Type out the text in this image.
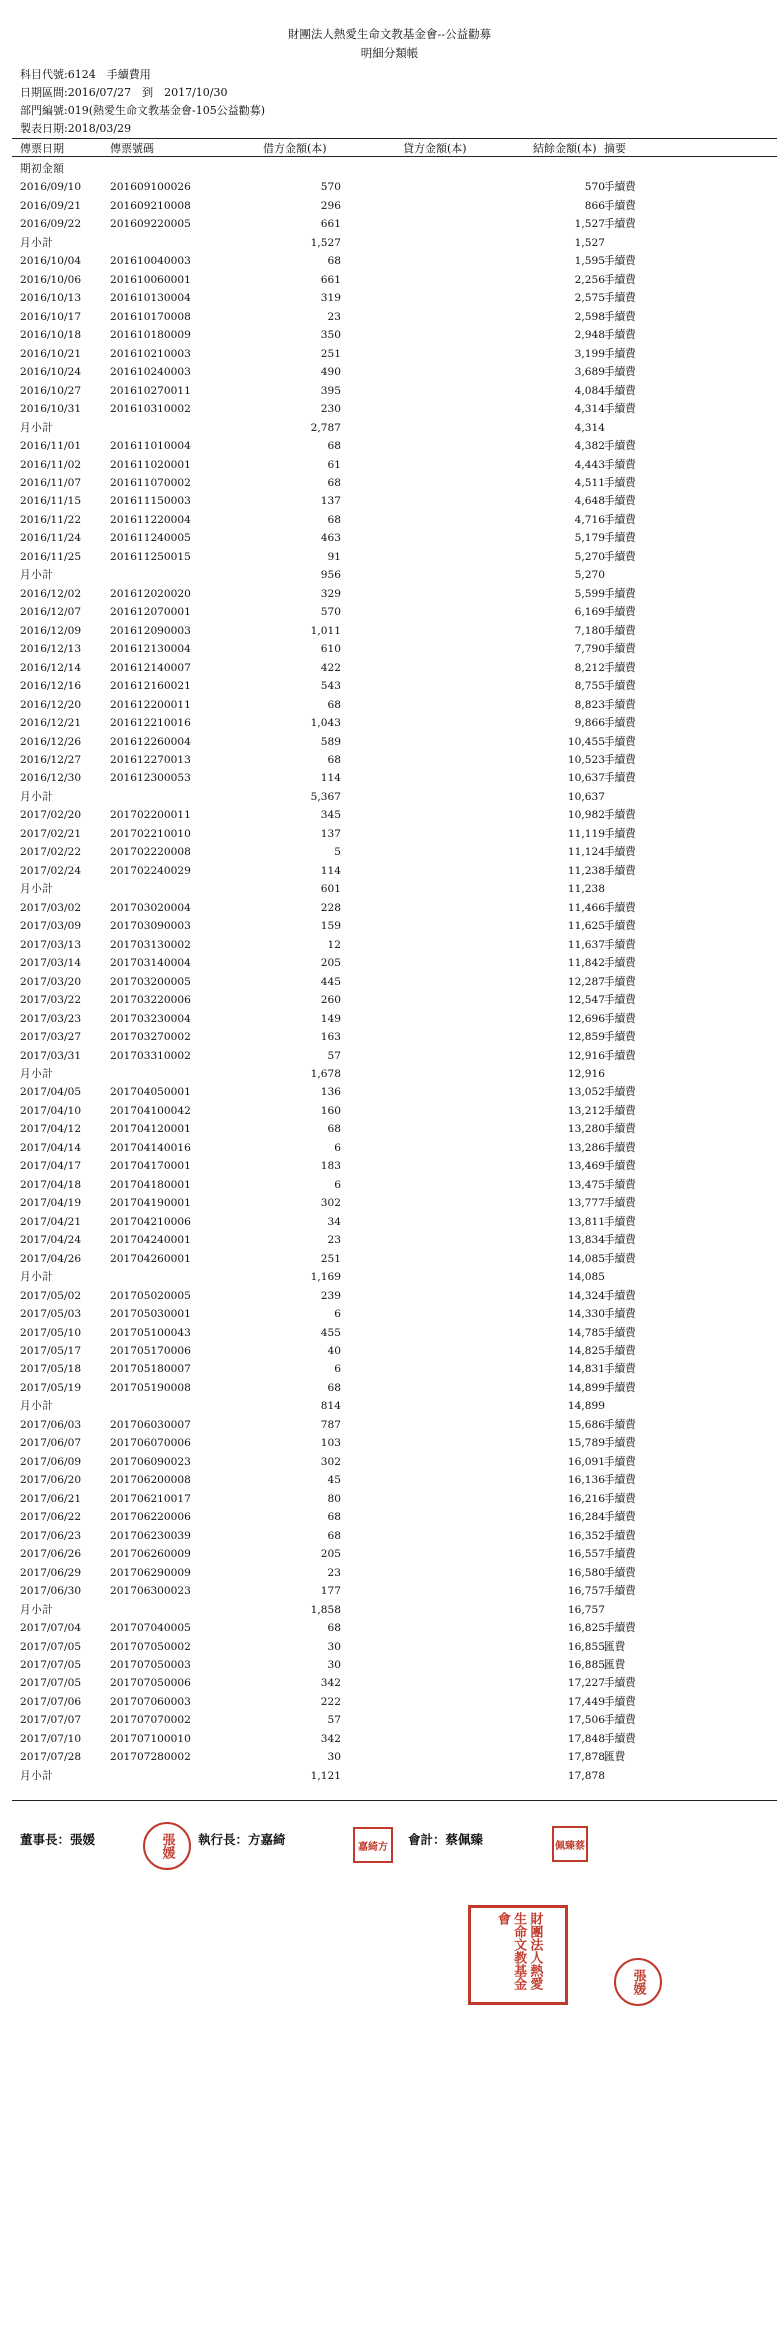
財團法人熱愛生命文教基金會--公益勸募
明細分類帳
科目代號:6124　手續費用
日期區間:2016/07/27　到　2017/10/30
部門編號:019(熱愛生命文教基金會-105公益勸募)
製表日期:2018/03/29
傳票日期	傳票號碼	借方金額(本)	貸方金額(本)	結餘金額(本) 摘要
期初金額
2016/09/10	201609100026	570	570 手續費
2016/09/21	201609210008	296	866 手續費
2016/09/22	201609220005	661	1,527 手續費
月小計	1,527	1,527
2016/10/04	201610040003	68	1,595 手續費
2016/10/06	201610060001	661	2,256 手續費
2016/10/13	201610130004	319	2,575 手續費
2016/10/17	201610170008	23	2,598 手續費
2016/10/18	201610180009	350	2,948 手續費
2016/10/21	201610210003	251	3,199 手續費
2016/10/24	201610240003	490	3,689 手續費
2016/10/27	201610270011	395	4,084 手續費
2016/10/31	201610310002	230	4,314 手續費
月小計	2,787	4,314
2016/11/01	201611010004	68	4,382 手續費
2016/11/02	201611020001	61	4,443 手續費
2016/11/07	201611070002	68	4,511 手續費
2016/11/15	201611150003	137	4,648 手續費
2016/11/22	201611220004	68	4,716 手續費
2016/11/24	201611240005	463	5,179 手續費
2016/11/25	201611250015	91	5,270 手續費
月小計	956	5,270
2016/12/02	201612020020	329	5,599 手續費
2016/12/07	201612070001	570	6,169 手續費
2016/12/09	201612090003	1,011	7,180 手續費
2016/12/13	201612130004	610	7,790 手續費
2016/12/14	201612140007	422	8,212 手續費
2016/12/16	201612160021	543	8,755 手續費
2016/12/20	201612200011	68	8,823 手續費
2016/12/21	201612210016	1,043	9,866 手續費
2016/12/26	201612260004	589	10,455 手續費
2016/12/27	201612270013	68	10,523 手續費
2016/12/30	201612300053	114	10,637 手續費
月小計	5,367	10,637
2017/02/20	201702200011	345	10,982 手續費
2017/02/21	201702210010	137	11,119 手續費
2017/02/22	201702220008	5	11,124 手續費
2017/02/24	201702240029	114	11,238 手續費
月小計	601	11,238
2017/03/02	201703020004	228	11,466 手續費
2017/03/09	201703090003	159	11,625 手續費
2017/03/13	201703130002	12	11,637 手續費
2017/03/14	201703140004	205	11,842 手續費
2017/03/20	201703200005	445	12,287 手續費
2017/03/22	201703220006	260	12,547 手續費
2017/03/23	201703230004	149	12,696 手續費
2017/03/27	201703270002	163	12,859 手續費
2017/03/31	201703310002	57	12,916 手續費
月小計	1,678	12,916
2017/04/05	201704050001	136	13,052 手續費
2017/04/10	201704100042	160	13,212 手續費
2017/04/12	201704120001	68	13,280 手續費
2017/04/14	201704140016	6	13,286 手續費
2017/04/17	201704170001	183	13,469 手續費
2017/04/18	201704180001	6	13,475 手續費
2017/04/19	201704190001	302	13,777 手續費
2017/04/21	201704210006	34	13,811 手續費
2017/04/24	201704240001	23	13,834 手續費
2017/04/26	201704260001	251	14,085 手續費
月小計	1,169	14,085
2017/05/02	201705020005	239	14,324 手續費
2017/05/03	201705030001	6	14,330 手續費
2017/05/10	201705100043	455	14,785 手續費
2017/05/17	201705170006	40	14,825 手續費
2017/05/18	201705180007	6	14,831 手續費
2017/05/19	201705190008	68	14,899 手續費
月小計	814	14,899
2017/06/03	201706030007	787	15,686 手續費
2017/06/07	201706070006	103	15,789 手續費
2017/06/09	201706090023	302	16,091 手續費
2017/06/20	201706200008	45	16,136 手續費
2017/06/21	201706210017	80	16,216 手續費
2017/06/22	201706220006	68	16,284 手續費
2017/06/23	201706230039	68	16,352 手續費
2017/06/26	201706260009	205	16,557 手續費
2017/06/29	201706290009	23	16,580 手續費
2017/06/30	201706300023	177	16,757 手續費
月小計	1,858	16,757
2017/07/04	201707040005	68	16,825 手續費
2017/07/05	201707050002	30	16,855 匯費
2017/07/05	201707050003	30	16,885 匯費
2017/07/05	201707050006	342	17,227 手續費
2017/07/06	201707060003	222	17,449 手續費
2017/07/07	201707070002	57	17,506 手續費
2017/07/10	201707100010	342	17,848 手續費
2017/07/28	201707280002	30	17,878 匯費
月小計	1,121	17,878
董事長：張媛	張媛	執行長：方嘉綺	嘉綺方	會計：蔡佩臻	佩臻蔡
財團法人熱愛生命文教基金會
張媛
